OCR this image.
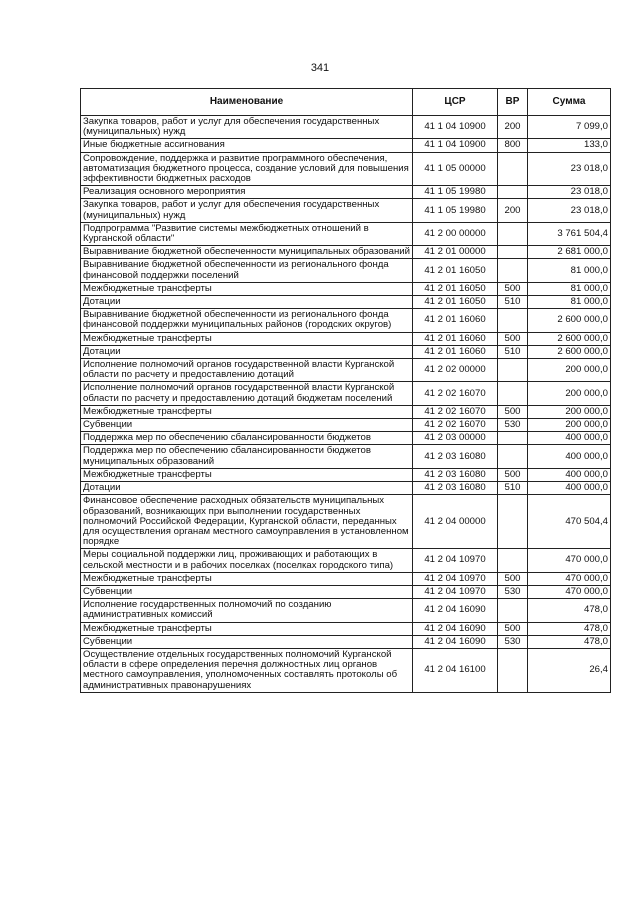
341
Наименование	ЦСР	ВР	Сумма
Закупка товаров, работ и услуг для обеспечения государственных (муниципальных) нужд	41 1 04 10900	200	7 099,0
Иные бюджетные ассигнования	41 1 04 10900	800	133,0
Сопровождение, поддержка и развитие программного обеспечения, автоматизация бюджетного процесса, создание условий для повышения эффективности бюджетных расходов	41 1 05 00000		23 018,0
Реализация основного мероприятия	41 1 05 19980		23 018,0
Закупка товаров, работ и услуг для обеспечения государственных (муниципальных) нужд	41 1 05 19980	200	23 018,0
Подпрограмма "Развитие системы межбюджетных отношений в Курганской области"	41 2 00 00000		3 761 504,4
Выравнивание бюджетной обеспеченности муниципальных образований	41 2 01 00000		2 681 000,0
Выравнивание бюджетной обеспеченности из регионального фонда финансовой поддержки поселений	41 2 01 16050		81 000,0
Межбюджетные трансферты	41 2 01 16050	500	81 000,0
Дотации	41 2 01 16050	510	81 000,0
Выравнивание бюджетной обеспеченности из регионального фонда финансовой поддержки муниципальных районов (городских округов)	41 2 01 16060		2 600 000,0
Межбюджетные трансферты	41 2 01 16060	500	2 600 000,0
Дотации	41 2 01 16060	510	2 600 000,0
Исполнение полномочий органов государственной власти Курганской области по расчету и предоставлению дотаций	41 2 02 00000		200 000,0
Исполнение полномочий органов государственной власти Курганской области по расчету и предоставлению дотаций бюджетам поселений	41 2 02 16070		200 000,0
Межбюджетные трансферты	41 2 02 16070	500	200 000,0
Субвенции	41 2 02 16070	530	200 000,0
Поддержка мер по обеспечению сбалансированности бюджетов	41 2 03 00000		400 000,0
Поддержка мер по обеспечению сбалансированности бюджетов муниципальных образований	41 2 03 16080		400 000,0
Межбюджетные трансферты	41 2 03 16080	500	400 000,0
Дотации	41 2 03 16080	510	400 000,0
Финансовое обеспечение расходных обязательств муниципальных образований, возникающих при выполнении государственных полномочий Российской Федерации, Курганской области, переданных для осуществления органам местного самоуправления в установленном порядке	41 2 04 00000		470 504,4
Меры социальной поддержки лиц, проживающих и работающих в сельской местности и в рабочих поселках (поселках городского типа)	41 2 04 10970		470 000,0
Межбюджетные трансферты	41 2 04 10970	500	470 000,0
Субвенции	41 2 04 10970	530	470 000,0
Исполнение государственных полномочий по созданию административных комиссий	41 2 04 16090		478,0
Межбюджетные трансферты	41 2 04 16090	500	478,0
Субвенции	41 2 04 16090	530	478,0
Осуществление отдельных государственных полномочий Курганской области в сфере определения перечня должностных лиц органов местного самоуправления, уполномоченных составлять протоколы об административных правонарушениях	41 2 04 16100		26,4
